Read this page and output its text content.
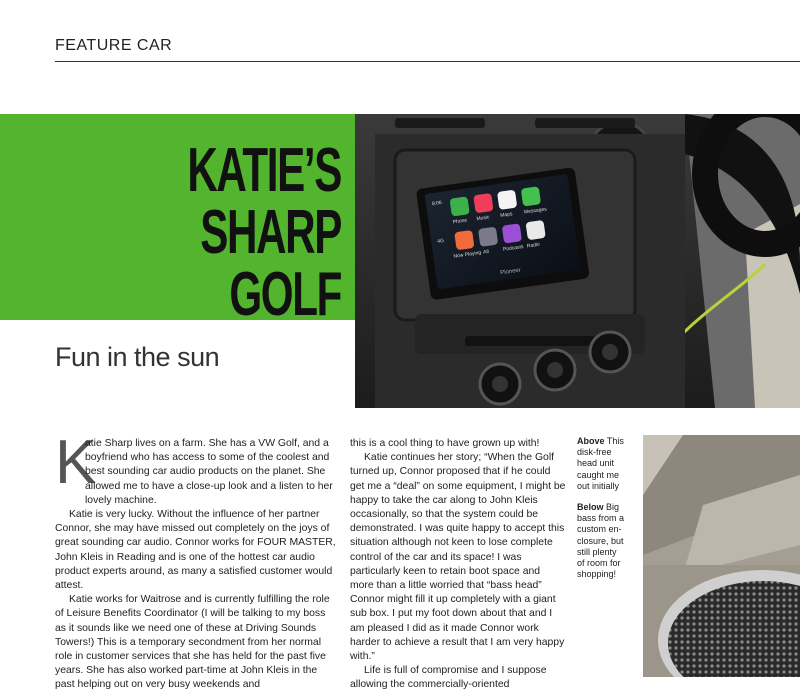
FEATURE CAR
KATIE’S
SHARP GOLF
Fun in the sun
8:06
4G
Phone Music Maps Messages
Now Playing All	Podcasts Radio
Pioneer
K

atie Sharp lives on a farm. She has a VW Golf, and a boyfriend who has access to some of the coolest and best sounding car audio products on the planet. She allowed me to have a close-up look and a listen to her lovely machine.

Katie is very lucky. Without the influence of her partner Connor, she may have missed out completely on the joys of great sounding car audio. Connor works for FOUR MASTER, John Kleis in Reading and is one of the hottest car audio product experts around, as many a satisfied customer would attest.

Katie works for Waitrose and is currently fulfilling the role of Leisure Benefits Coordinator (I will be talking to my boss as it sounds like we need one of these at Driving Sounds Towers!) This is a temporary secondment from her normal role in customer services that she has held for the past five years. She has also worked part-time at John Kleis in the past helping out on very busy weekends and

this is a cool thing to have grown up with!

Katie continues her story; “When the Golf turned up, Connor proposed that if he could get me a “deal” on some equipment, I might be happy to take the car along to John Kleis occasionally, so that the system could be demonstrated. I was quite happy to accept this situation although not keen to lose complete control of the car and its space! I was particularly keen to retain boot space and more than a little worried that “bass head” Connor might fill it up completely with a giant sub box. I put my foot down about that and I am pleased I did as it made Connor work harder to achieve a result that I am very happy with.”

Life is full of compromise and I suppose allowing the commercially-oriented

Above This
disk-free
head unit
caught me
out initially
Below Big
bass from a
custom en-
closure, but
still plenty
of room for
shopping!
